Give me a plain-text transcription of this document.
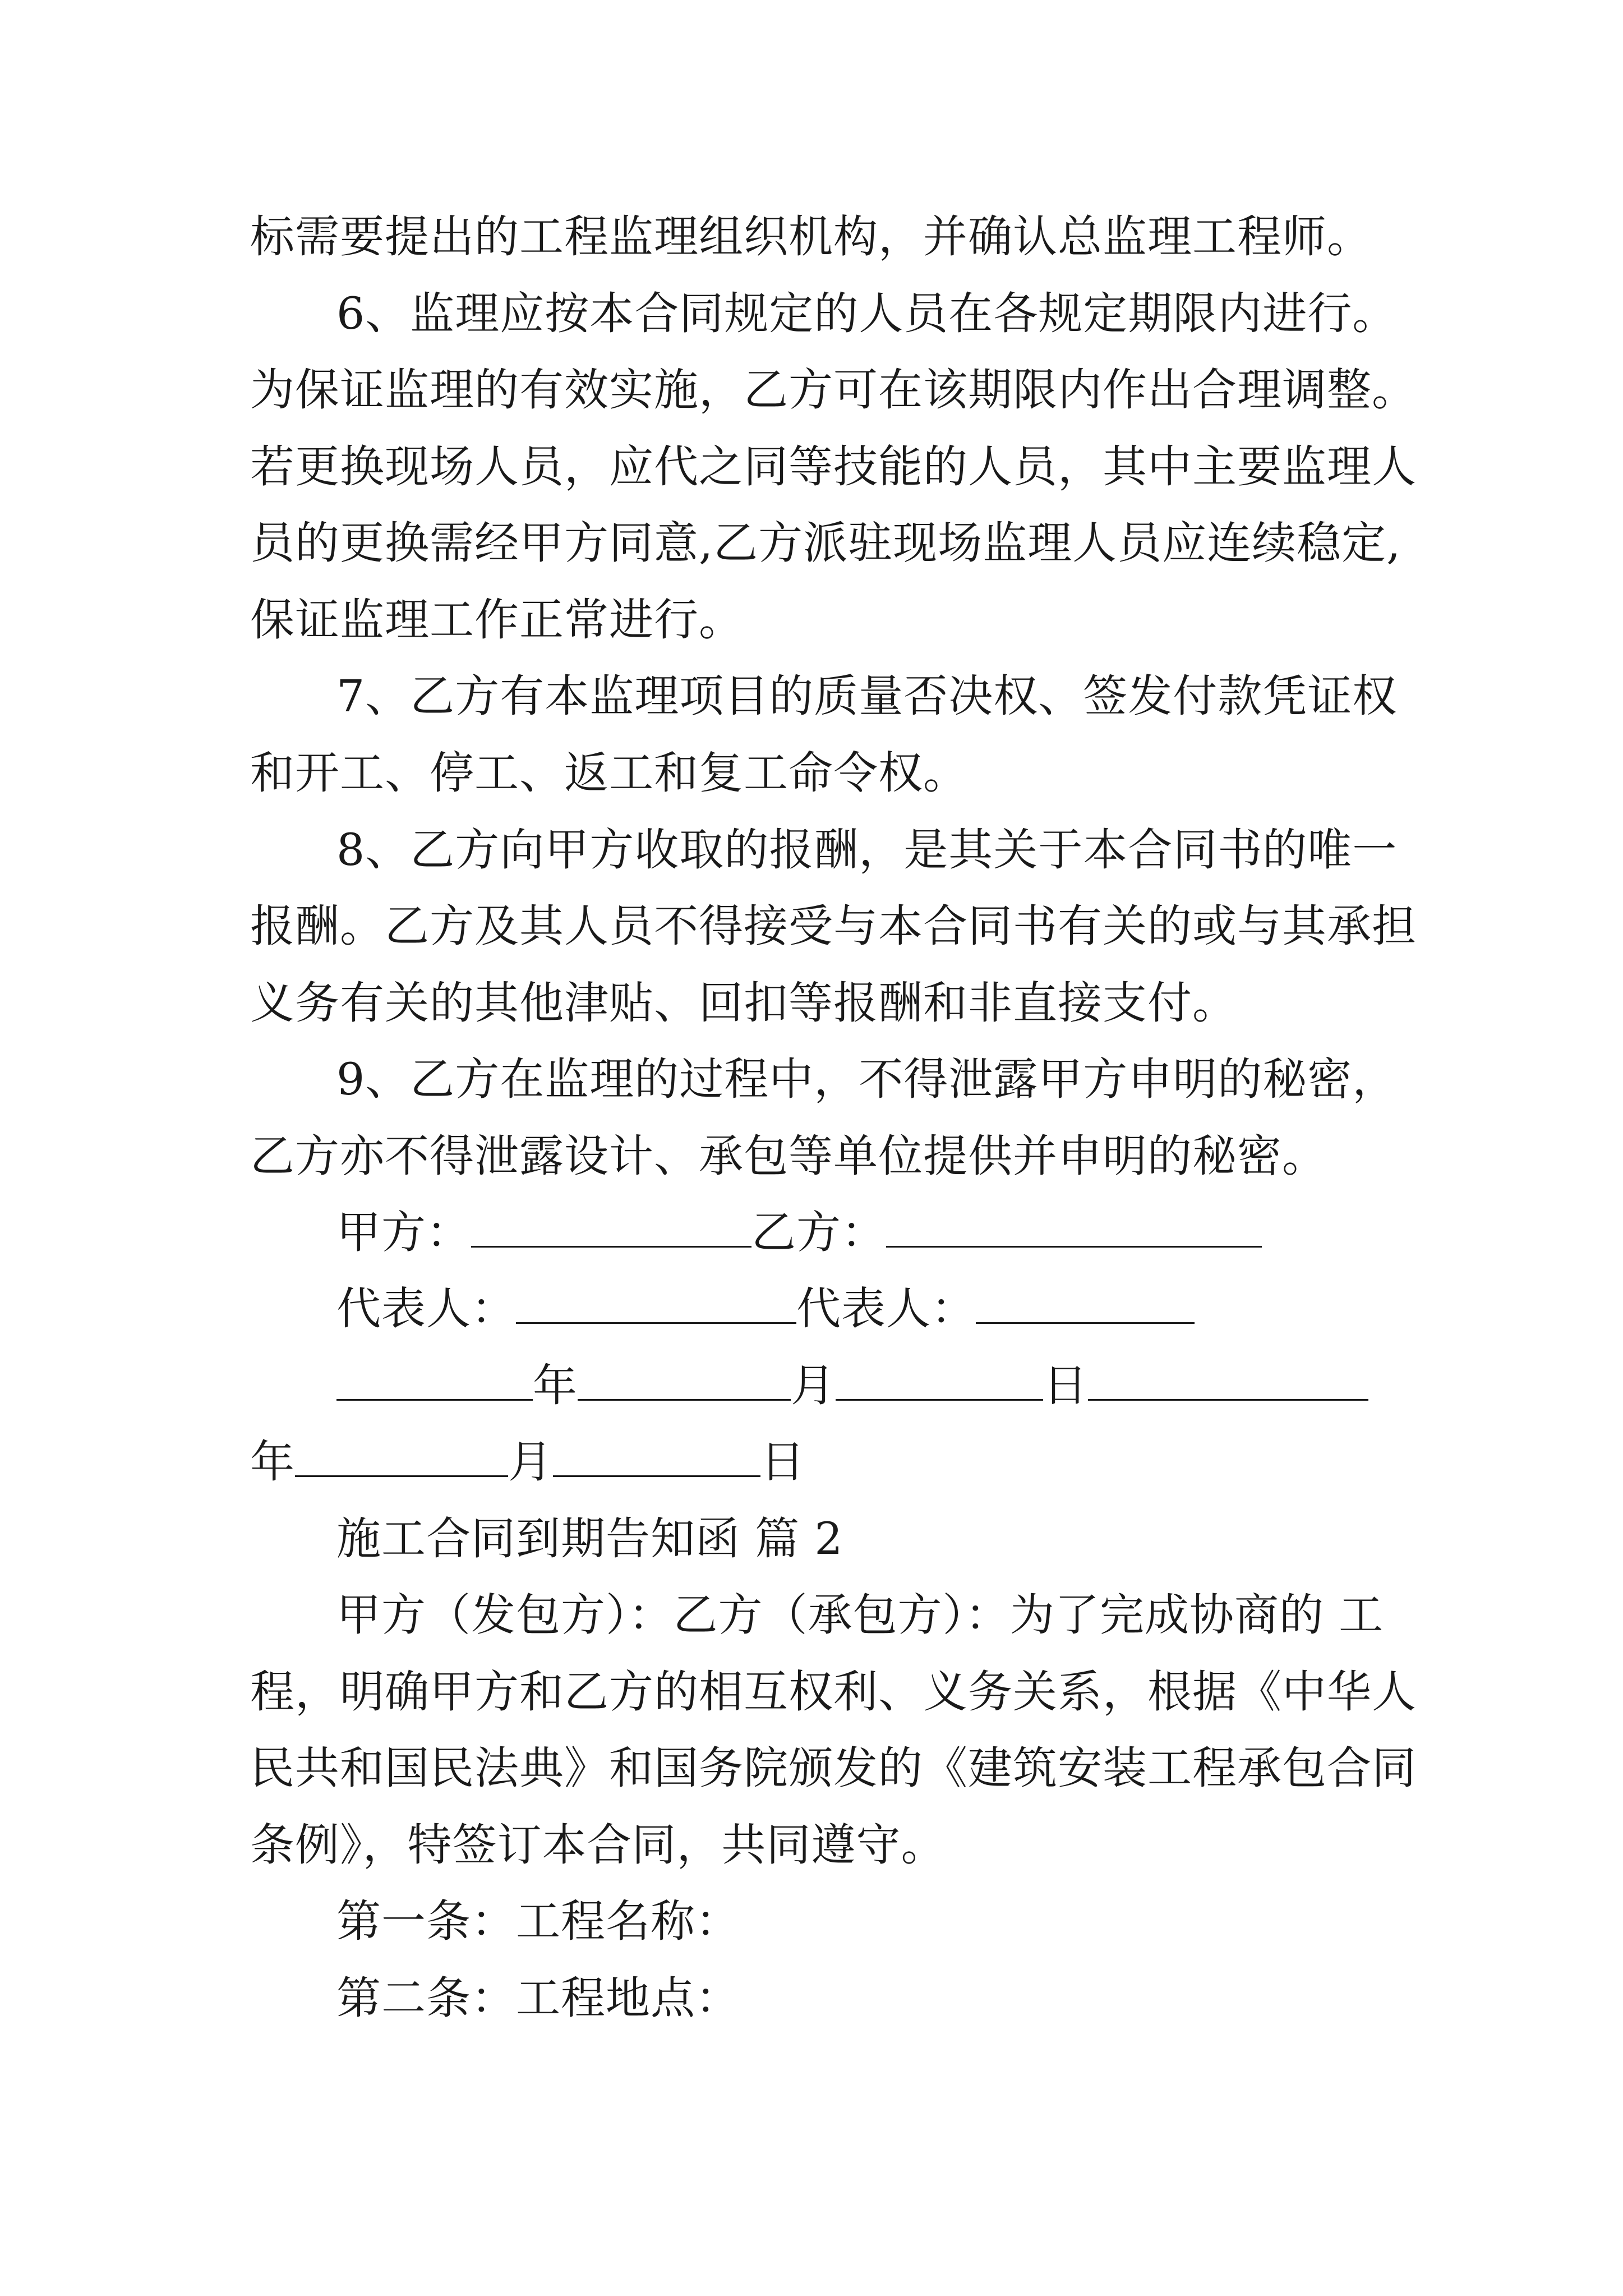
标需要提出的工程监理组织机构，并确认总监理工程师。
6、监理应按本合同规定的人员在各规定期限内进行。
为保证监理的有效实施，乙方可在该期限内作出合理调整。
若更换现场人员，应代之同等技能的人员，其中主要监理人
员的更换需经甲方同意,乙方派驻现场监理人员应连续稳定,
保证监理工作正常进行。
7、乙方有本监理项目的质量否决权、签发付款凭证权
和开工、停工、返工和复工命令权。
8、乙方向甲方收取的报酬，是其关于本合同书的唯一
报酬。乙方及其人员不得接受与本合同书有关的或与其承担
义务有关的其他津贴、回扣等报酬和非直接支付。
9、乙方在监理的过程中，不得泄露甲方申明的秘密，
乙方亦不得泄露设计、承包等单位提供并申明的秘密。
甲方：	乙方：
代表人：	代表人：
年	月	日
年	月	日
施工合同到期告知函 篇 2
甲方（发包方）：乙方（承包方）：为了完成协商的 工
程，明确甲方和乙方的相互权利、义务关系，根据《中华人
民共和国民法典》和国务院颁发的《建筑安装工程承包合同
条例》，特签订本合同，共同遵守。
第一条：工程名称：
第二条：工程地点：
